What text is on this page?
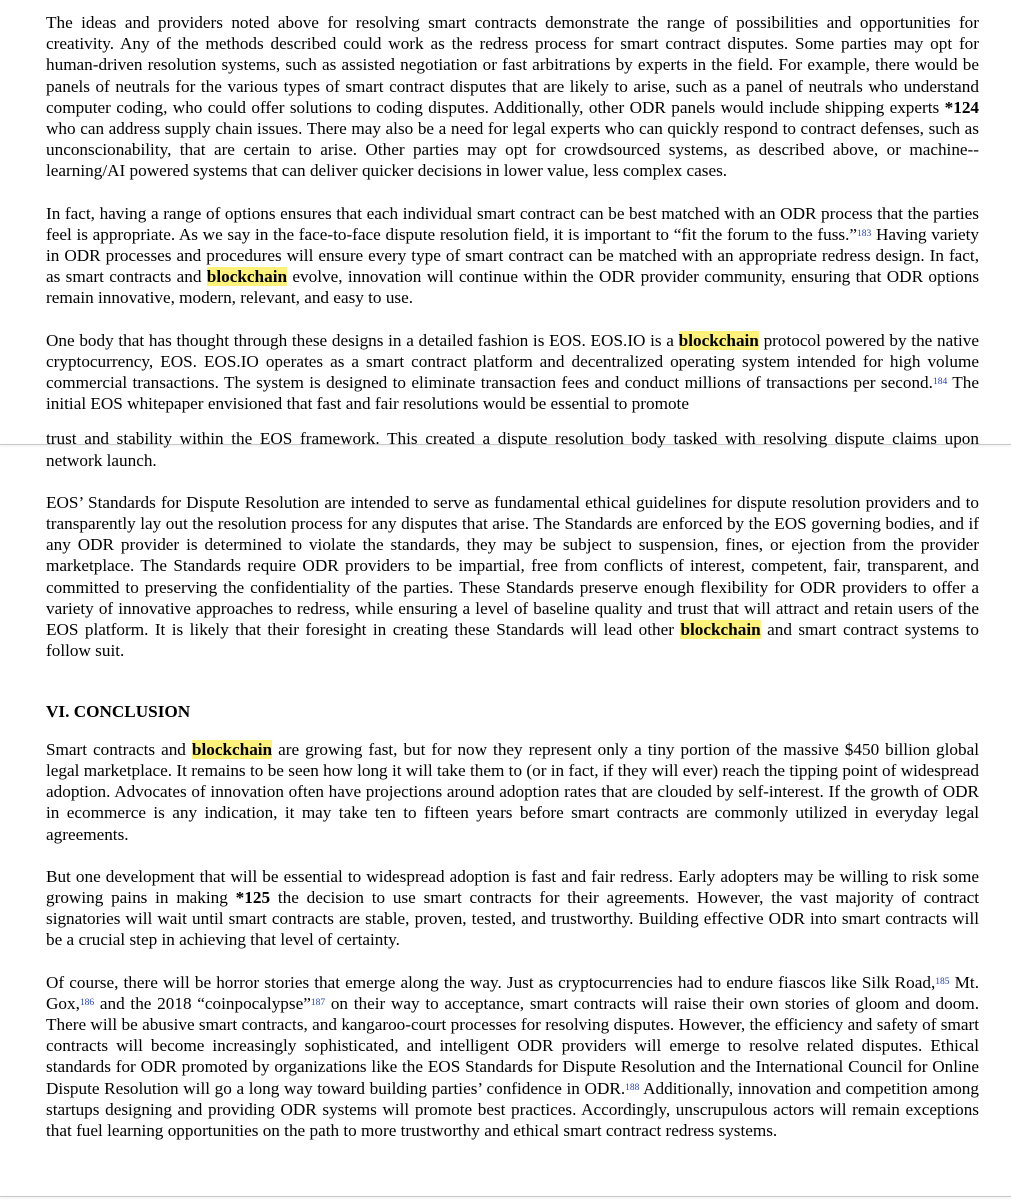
The ideas and providers noted above for resolving smart contracts demonstrate the range of possibilities and opportunities for creativity. Any of the methods described could work as the redress process for smart contract disputes. Some parties may opt for human-driven resolution systems, such as assisted negotiation or fast arbitrations by experts in the field. For example, there would be panels of neutrals for the various types of smart contract disputes that are likely to arise, such as a panel of neutrals who understand computer coding, who could offer solutions to coding disputes. Additionally, other ODR panels would include shipping experts *124 who can address supply chain issues. There may also be a need for legal experts who can quickly respond to contract defenses, such as unconscionability, that are certain to arise. Other parties may opt for crowdsourced systems, as described above, or machine-- learning/AI powered systems that can deliver quicker decisions in lower value, less complex cases.

In fact, having a range of options ensures that each individual smart contract can be best matched with an ODR process that the parties feel is appropriate. As we say in the face-to-face dispute resolution field, it is important to “fit the forum to the fuss.”$^{183}$ Having variety in ODR processes and procedures will ensure every type of smart contract can be matched with an appropriate redress design. In fact, as smart contracts and blockchain evolve, innovation will continue within the ODR provider community, ensuring that ODR options remain innovative, modern, relevant, and easy to use.

One body that has thought through these designs in a detailed fashion is EOS. EOS.IO is a blockchain protocol powered by the native cryptocurrency, EOS. EOS.IO operates as a smart contract platform and decentralized operating system intended for high volume commercial transactions. The system is designed to eliminate transaction fees and conduct millions of transactions per second.$^{184}$ The initial EOS whitepaper envisioned that fast and fair resolutions would be essential to promote

trust and stability within the EOS framework. This created a dispute resolution body tasked with resolving dispute claims upon network launch.

EOS’ Standards for Dispute Resolution are intended to serve as fundamental ethical guidelines for dispute resolution providers and to transparently lay out the resolution process for any disputes that arise. The Standards are enforced by the EOS governing bodies, and if any ODR provider is determined to violate the standards, they may be subject to suspension, fines, or ejection from the provider marketplace. The Standards require ODR providers to be impartial, free from conflicts of interest, competent, fair, transparent, and committed to preserving the confidentiality of the parties. These Standards preserve enough flexibility for ODR providers to offer a variety of innovative approaches to redress, while ensuring a level of baseline quality and trust that will attract and retain users of the EOS platform. It is likely that their foresight in creating these Standards will lead other blockchain and smart contract systems to follow suit.

VI. CONCLUSION

Smart contracts and blockchain are growing fast, but for now they represent only a tiny portion of the massive $450 billion global legal marketplace. It remains to be seen how long it will take them to (or in fact, if they will ever) reach the tipping point of widespread adoption. Advocates of innovation often have projections around adoption rates that are clouded by self-interest. If the growth of ODR in ecommerce is any indication, it may take ten to fifteen years before smart contracts are commonly utilized in everyday legal agreements.

But one development that will be essential to widespread adoption is fast and fair redress. Early adopters may be willing to risk some growing pains in making *125 the decision to use smart contracts for their agreements. However, the vast majority of contract signatories will wait until smart contracts are stable, proven, tested, and trustworthy. Building effective ODR into smart contracts will be a crucial step in achieving that level of certainty.

Of course, there will be horror stories that emerge along the way. Just as cryptocurrencies had to endure fiascos like Silk Road,$^{185}$ Mt. Gox,$^{186}$ and the 2018 “coinpocalypse”$^{187}$ on their way to acceptance, smart contracts will raise their own stories of gloom and doom. There will be abusive smart contracts, and kangaroo-court processes for resolving disputes. However, the efficiency and safety of smart contracts will become increasingly sophisticated, and intelligent ODR providers will emerge to resolve related disputes. Ethical standards for ODR promoted by organizations like the EOS Standards for Dispute Resolution and the International Council for Online Dispute Resolution will go a long way toward building parties’ confidence in ODR.$^{188}$ Additionally, innovation and competition among startups designing and providing ODR systems will promote best practices. Accordingly, unscrupulous actors will remain exceptions that fuel learning opportunities on the path to more trustworthy and ethical smart contract redress systems.
